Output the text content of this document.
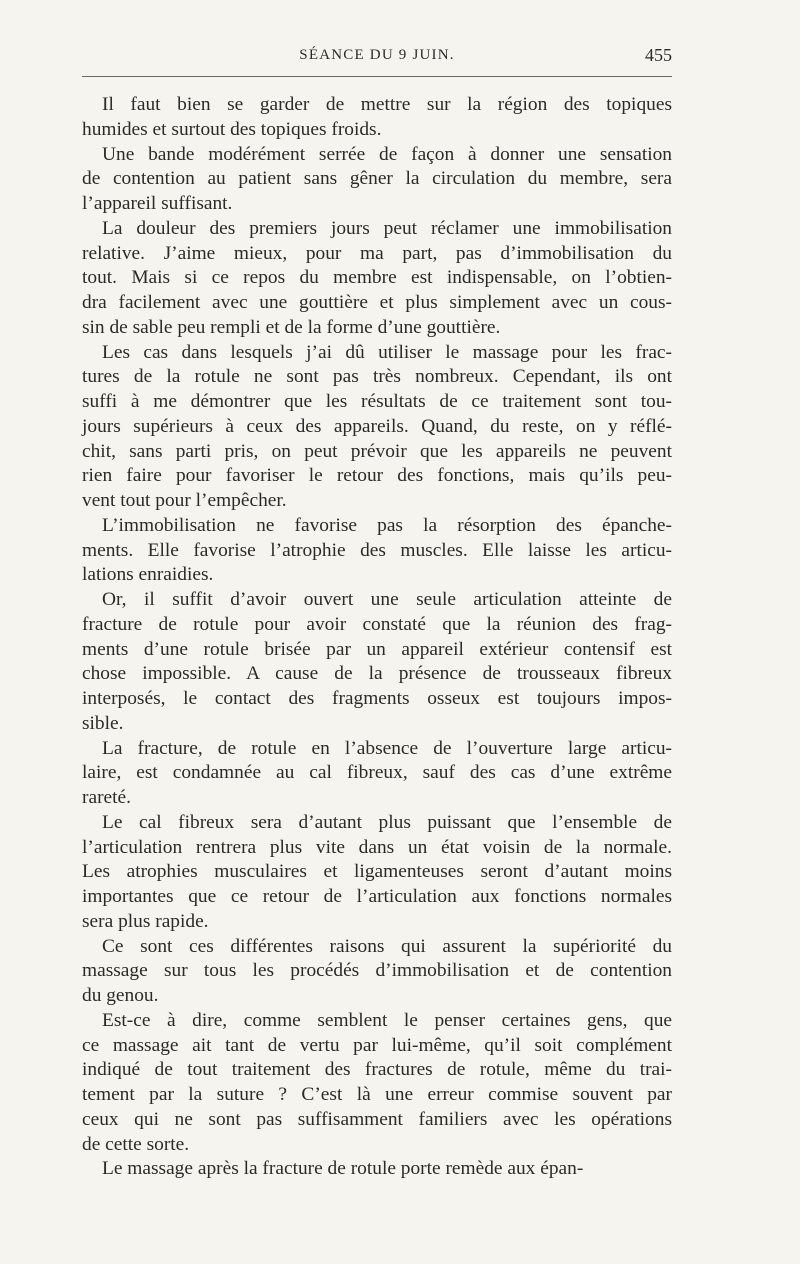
SÉANCE DU 9 JUIN.	455
Il faut bien se garder de mettre sur la région des topiques
humides et surtout des topiques froids.
Une bande modérément serrée de façon à donner une sensation
de contention au patient sans gêner la circulation du membre, sera
l’appareil suffisant.
La douleur des premiers jours peut réclamer une immobilisation
relative. J’aime mieux, pour ma part, pas d’immobilisation du
tout. Mais si ce repos du membre est indispensable, on l’obtien-
dra facilement avec une gouttière et plus simplement avec un cous-
sin de sable peu rempli et de la forme d’une gouttière.
Les cas dans lesquels j’ai dû utiliser le massage pour les frac-
tures de la rotule ne sont pas très nombreux. Cependant, ils ont
suffi à me démontrer que les résultats de ce traitement sont tou-
jours supérieurs à ceux des appareils. Quand, du reste, on y réflé-
chit, sans parti pris, on peut prévoir que les appareils ne peuvent
rien faire pour favoriser le retour des fonctions, mais qu’ils peu-
vent tout pour l’empêcher.
L’immobilisation ne favorise pas la résorption des épanche-
ments. Elle favorise l’atrophie des muscles. Elle laisse les articu-
lations enraidies.
Or, il suffit d’avoir ouvert une seule articulation atteinte de
fracture de rotule pour avoir constaté que la réunion des frag-
ments d’une rotule brisée par un appareil extérieur contensif est
chose impossible. A cause de la présence de trousseaux fibreux
interposés, le contact des fragments osseux est toujours impos-
sible.
La fracture, de rotule en l’absence de l’ouverture large articu-
laire, est condamnée au cal fibreux, sauf des cas d’une extrême
rareté.
Le cal fibreux sera d’autant plus puissant que l’ensemble de
l’articulation rentrera plus vite dans un état voisin de la normale.
Les atrophies musculaires et ligamenteuses seront d’autant moins
importantes que ce retour de l’articulation aux fonctions normales
sera plus rapide.
Ce sont ces différentes raisons qui assurent la supériorité du
massage sur tous les procédés d’immobilisation et de contention
du genou.
Est-ce à dire, comme semblent le penser certaines gens, que
ce massage ait tant de vertu par lui-même, qu’il soit complément
indiqué de tout traitement des fractures de rotule, même du trai-
tement par la suture ? C’est là une erreur commise souvent par
ceux qui ne sont pas suffisamment familiers avec les opérations
de cette sorte.
Le massage après la fracture de rotule porte remède aux épan-
